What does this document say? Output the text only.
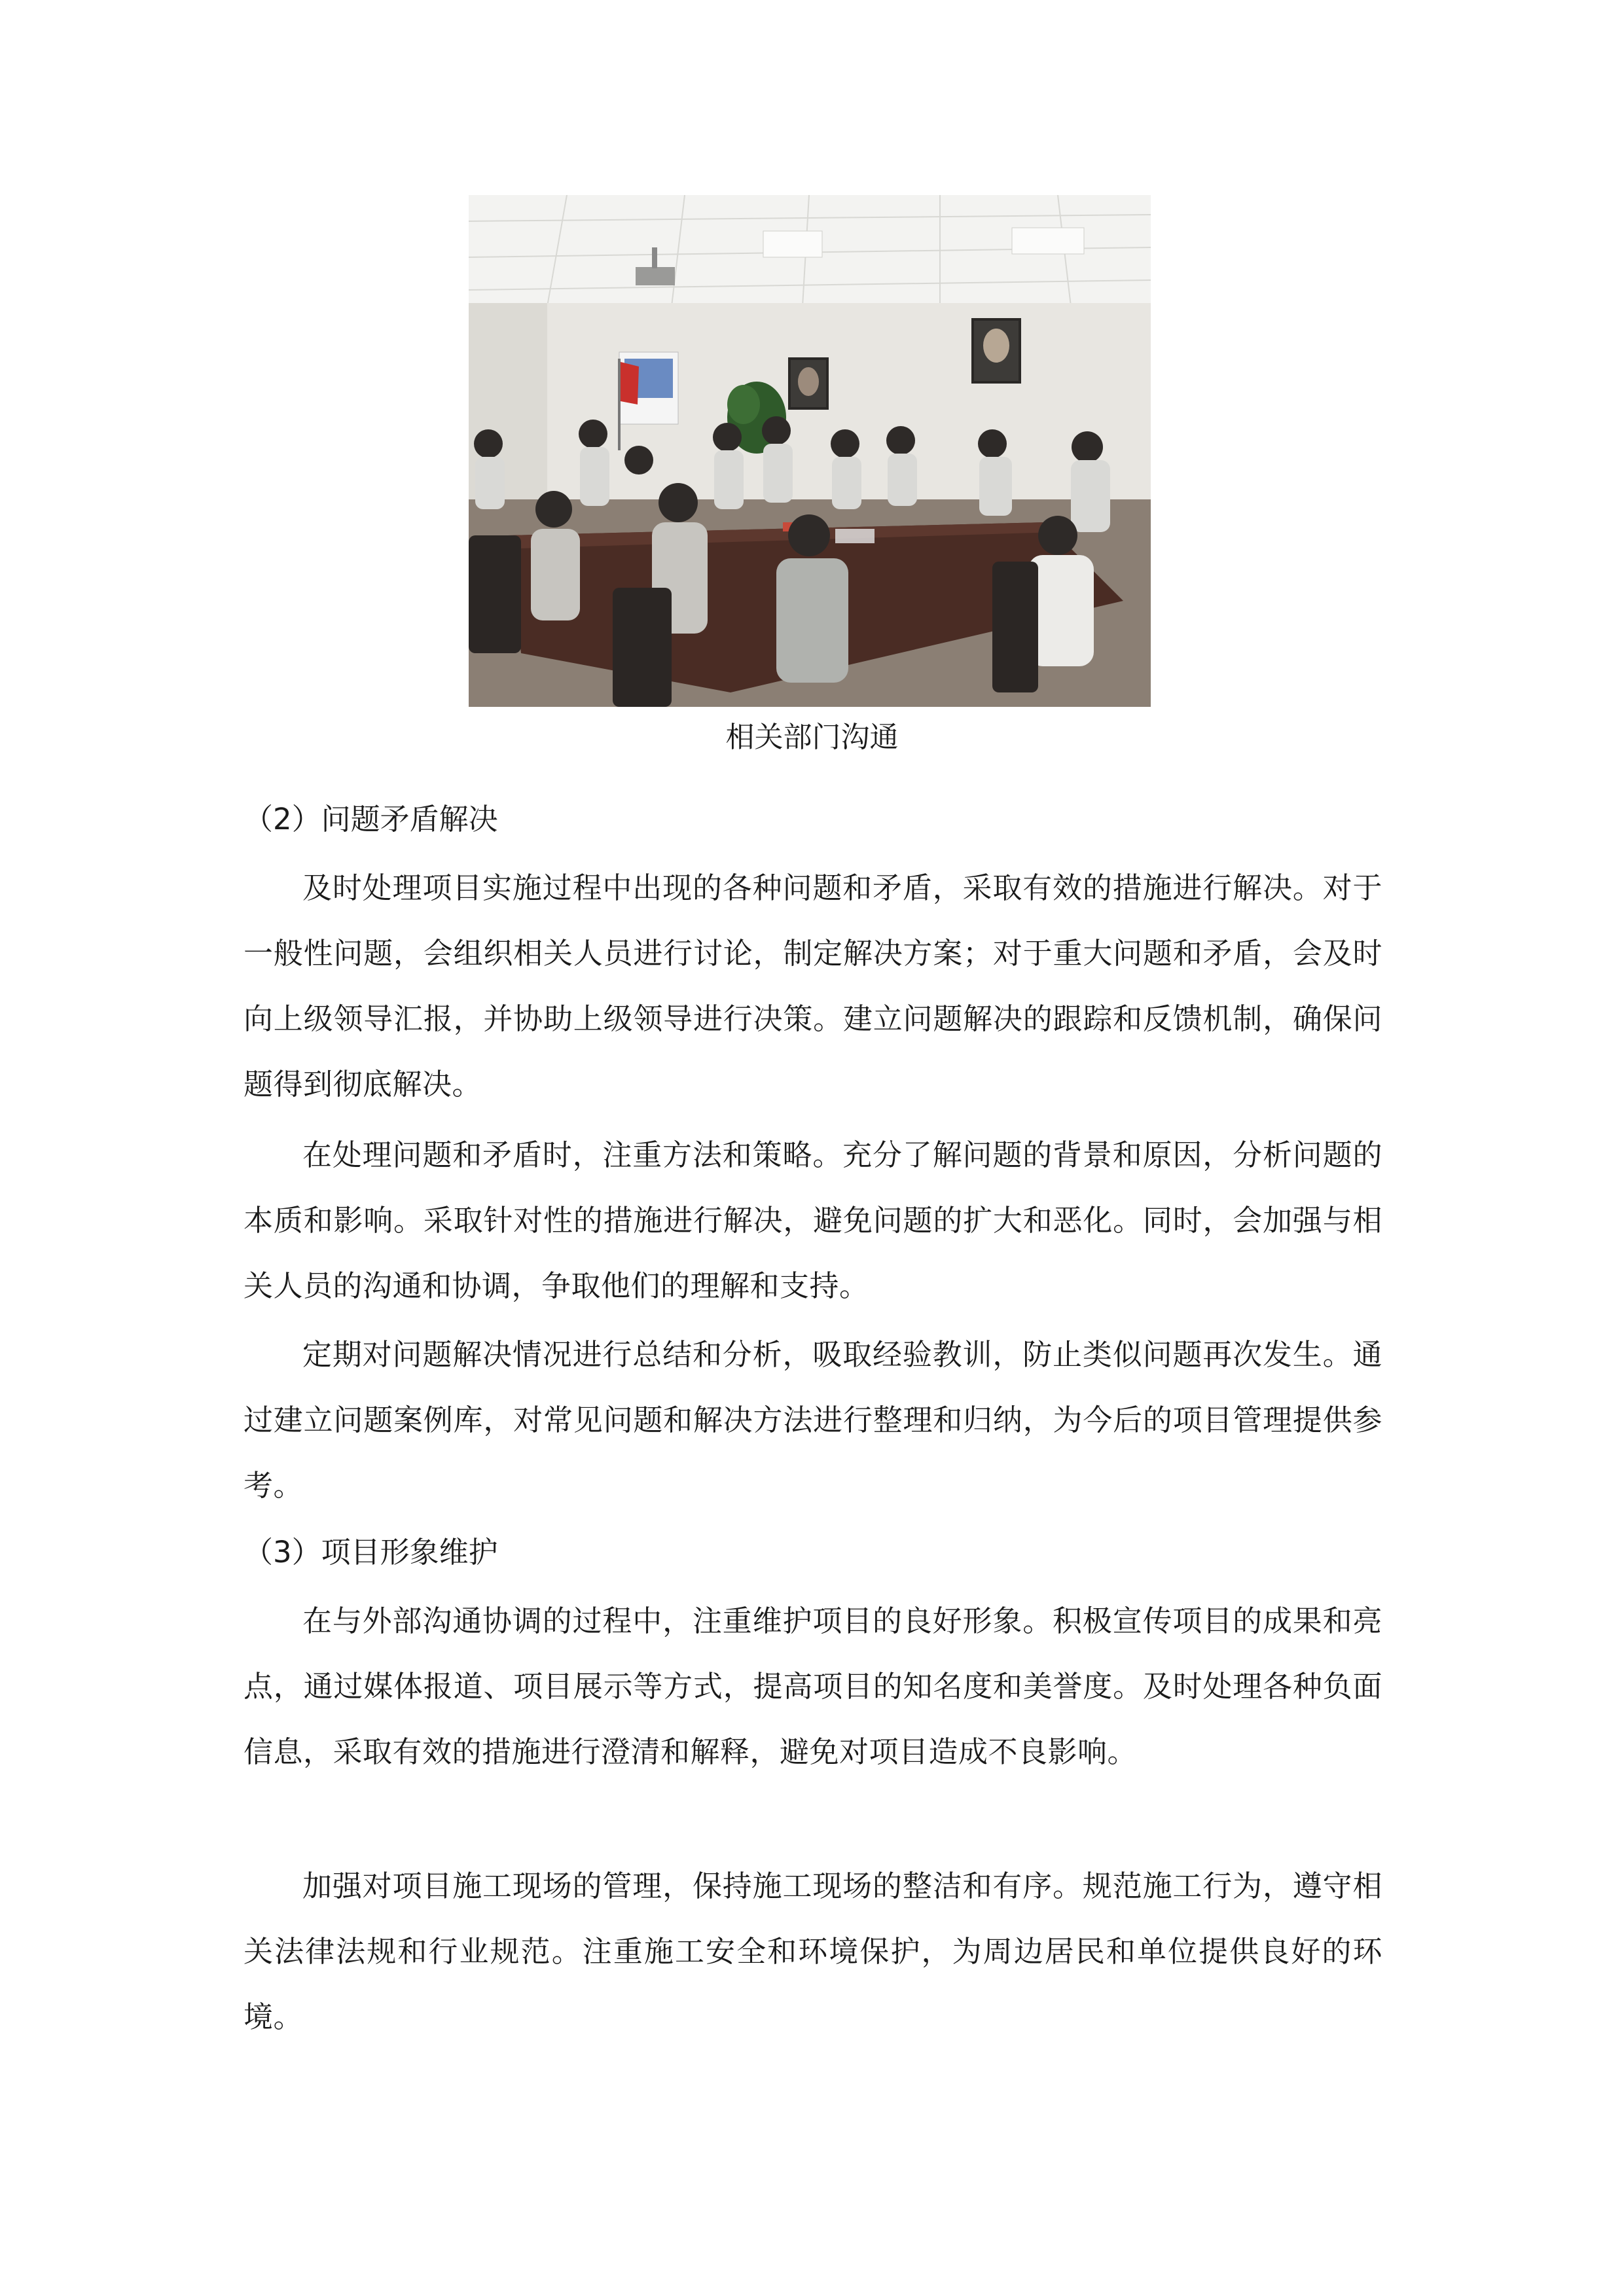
相关部门沟通
（2）问题矛盾解决

及时处理项目实施过程中出现的各种问题和矛盾，采取有效的措施进行解决。对于一般性问题，会组织相关人员进行讨论，制定解决方案；对于重大问题和矛盾，会及时向上级领导汇报，并协助上级领导进行决策。建立问题解决的跟踪和反馈机制，确保问题得到彻底解决。

在处理问题和矛盾时，注重方法和策略。充分了解问题的背景和原因，分析问题的本质和影响。采取针对性的措施进行解决，避免问题的扩大和恶化。同时，会加强与相关人员的沟通和协调，争取他们的理解和支持。

定期对问题解决情况进行总结和分析，吸取经验教训，防止类似问题再次发生。通过建立问题案例库，对常见问题和解决方法进行整理和归纳，为今后的项目管理提供参考。

（3）项目形象维护

在与外部沟通协调的过程中，注重维护项目的良好形象。积极宣传项目的成果和亮点，通过媒体报道、项目展示等方式，提高项目的知名度和美誉度。及时处理各种负面信息，采取有效的措施进行澄清和解释，避免对项目造成不良影响。

加强对项目施工现场的管理，保持施工现场的整洁和有序。规范施工行为，遵守相关法律法规和行业规范。注重施工安全和环境保护，为周边居民和单位提供良好的环境。
